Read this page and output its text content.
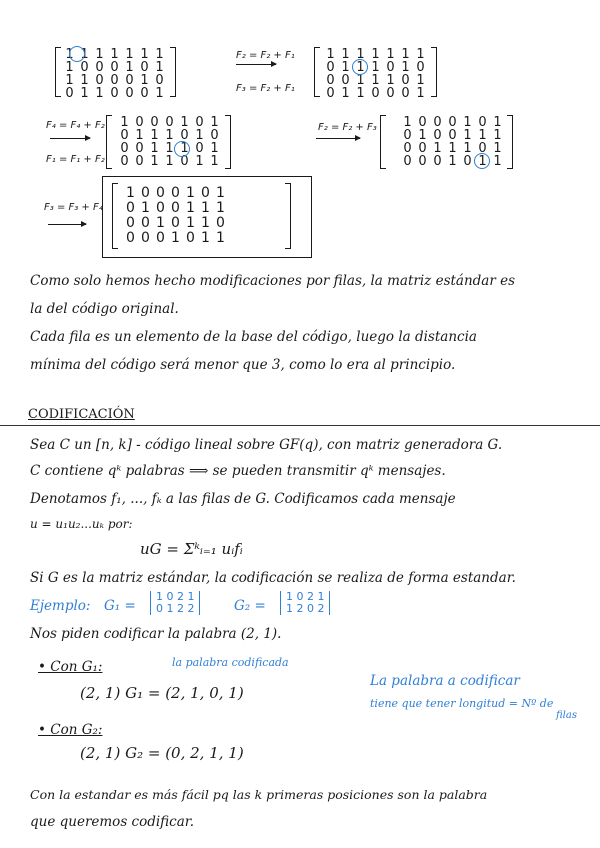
1 1 1 1 1 1 1
1 0 0 0 1 0 1
1 1 0 0 0 1 0
0 1 1 0 0 0 1
F₂ = F₂ + F₁
F₃ = F₂ + F₁
1 1 1 1 1 1 1
0 1 1 1 0 1 0
0 0 1 1 1 0 1
0 1 1 0 0 0 1
F₄ = F₄ + F₂
F₁ = F₁ + F₂
1 0 0 0 1 0 1
0 1 1 1 0 1 0
0 0 1 1 1 0 1
0 0 1 1 0 1 1
F₂ = F₂ + F₃ 1 0 0 0 1 0 1
0 1 0 0 1 1 1
0 0 1 1 1 0 1
0 0 0 1 0 1 1
F₃ = F₃ + F₄
1 0 0 0 1 0 1
0 1 0 0 1 1 1
0 0 1 0 1 1 0
0 0 0 1 0 1 1
Como solo hemos hecho modificaciones por filas, la matriz estándar es
la del código original.
Cada fila es un elemento de la base del código, luego la distancia
mínima del código será menor que 3, como lo era al principio.
CODIFICACIÓN
Sea C un [n, k] - código lineal sobre GF(q), con matriz generadora G.
C contiene qᵏ palabras ⟹ se pueden transmitir qᵏ mensajes.
Denotamos f₁, ..., fₖ a las filas de G. Codificamos cada mensaje
u = u₁u₂...uₖ por:
uG = Σᵏᵢ₌₁ uᵢfᵢ
Si G es la matriz estándar, la codificación se realiza de forma estandar.
Ejemplo: G₁ =
1 0 2 1
0 1 2 2	G₂ =
1 0 2 1
1 2 0 2
Nos piden codificar la palabra (2, 1).
• Con G₁:	la palabra codificada
(2, 1) G₁ = (2, 1, 0, 1)
La palabra a codificar
tiene que tener longitud = Nº de
filas
• Con G₂:
(2, 1) G₂ = (0, 2, 1, 1)
Con la estandar es más fácil pq las k primeras posiciones son la palabra
que queremos codificar.
